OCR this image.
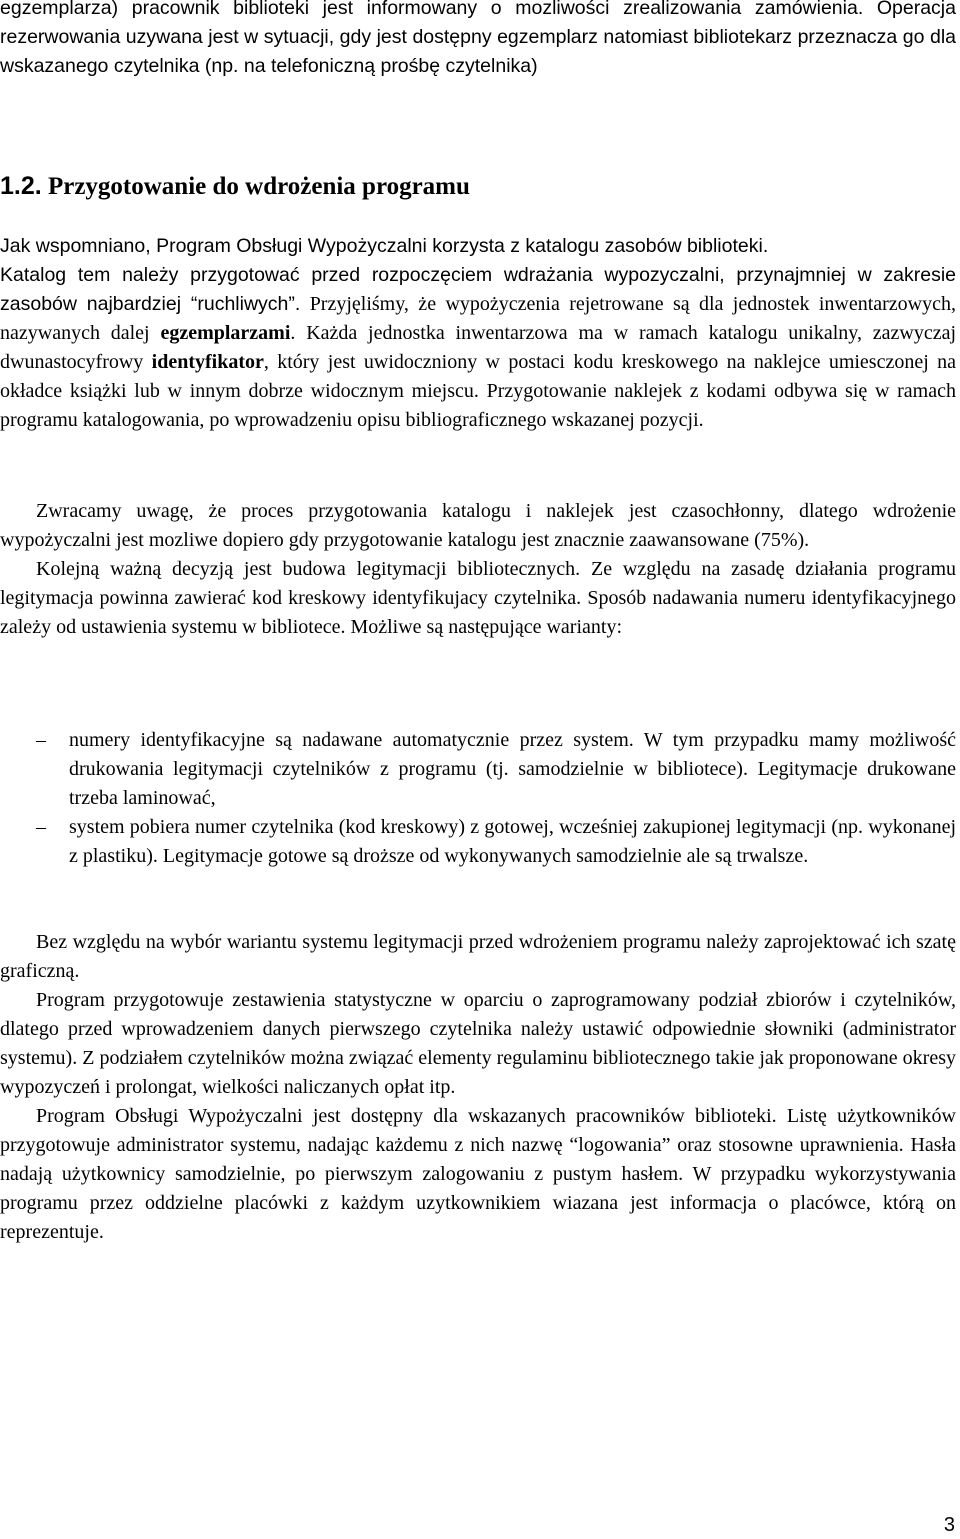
egzemplarza) pracownik biblioteki jest informowany o mozliwości zrealizowania zamówienia. Operacja rezerwowania uzywana jest w sytuacji, gdy jest dostępny egzemplarz natomiast bibliotekarz przeznacza go dla wskazanego czytelnika (np. na telefoniczną prośbę czytelnika)

1.2. Przygotowanie do wdrożenia programu
Jak wspomniano, Program Obsługi Wypożyczalni korzysta z katalogu zasobów biblioteki.
Katalog tem należy przygotować przed rozpoczęciem wdrażania wypozyczalni, przynajmniej w zakresie zasobów najbardziej “ruchliwych”. Przyjęliśmy, że wypożyczenia rejetrowane są dla jednostek inwentarzowych, nazywanych dalej egzemplarzami. Każda jednostka inwentarzowa ma w ramach katalogu unikalny, zazwyczaj dwunastocyfrowy identyfikator, który jest uwidoczniony w postaci kodu kreskowego na naklejce umiesczonej na okładce książki lub w innym dobrze widocznym miejscu. Przygotowanie naklejek z kodami odbywa się w ramach programu katalogowania, po wprowadzeniu opisu bibliograficznego wskazanej pozycji.
Zwracamy uwagę, że proces przygotowania katalogu i naklejek jest czasochłonny, dlatego wdrożenie wypożyczalni jest mozliwe dopiero gdy przygotowanie katalogu jest znacznie zaawansowane (75%).
Kolejną ważną decyzją jest budowa legitymacji bibliotecznych. Ze względu na zasadę działania programu legitymacja powinna zawierać kod kreskowy identyfikujacy czytelnika. Sposób nadawania numeru identyfikacyjnego zależy od ustawienia systemu w bibliotece. Możliwe są następujące warianty:
– numery identyfikacyjne są nadawane automatycznie przez system. W tym przypadku mamy możliwość drukowania legitymacji czytelników z programu (tj. samodzielnie w bibliotece). Legitymacje drukowane trzeba laminować,
– system pobiera numer czytelnika (kod kreskowy) z gotowej, wcześniej zakupionej legitymacji (np. wykonanej z plastiku). Legitymacje gotowe są droższe od wykonywanych samodzielnie ale są trwalsze.
Bez względu na wybór wariantu systemu legitymacji przed wdrożeniem programu należy zaprojektować ich szatę graficzną.
Program przygotowuje zestawienia statystyczne w oparciu o zaprogramowany podział zbiorów i czytelników, dlatego przed wprowadzeniem danych pierwszego czytelnika należy ustawić odpowiednie słowniki (administrator systemu). Z podziałem czytelników można związać elementy regulaminu bibliotecznego takie jak proponowane okresy wypozyczeń i prolongat, wielkości naliczanych opłat itp.
Program Obsługi Wypożyczalni jest dostępny dla wskazanych pracowników biblioteki. Listę użytkowników przygotowuje administrator systemu, nadając każdemu z nich nazwę “logowania” oraz stosowne uprawnienia. Hasła nadają użytkownicy samodzielnie, po pierwszym zalogowaniu z pustym hasłem. W przypadku wykorzystywania programu przez oddzielne placówki z każdym uzytkownikiem wiazana jest informacja o placówce, którą on reprezentuje.
3
